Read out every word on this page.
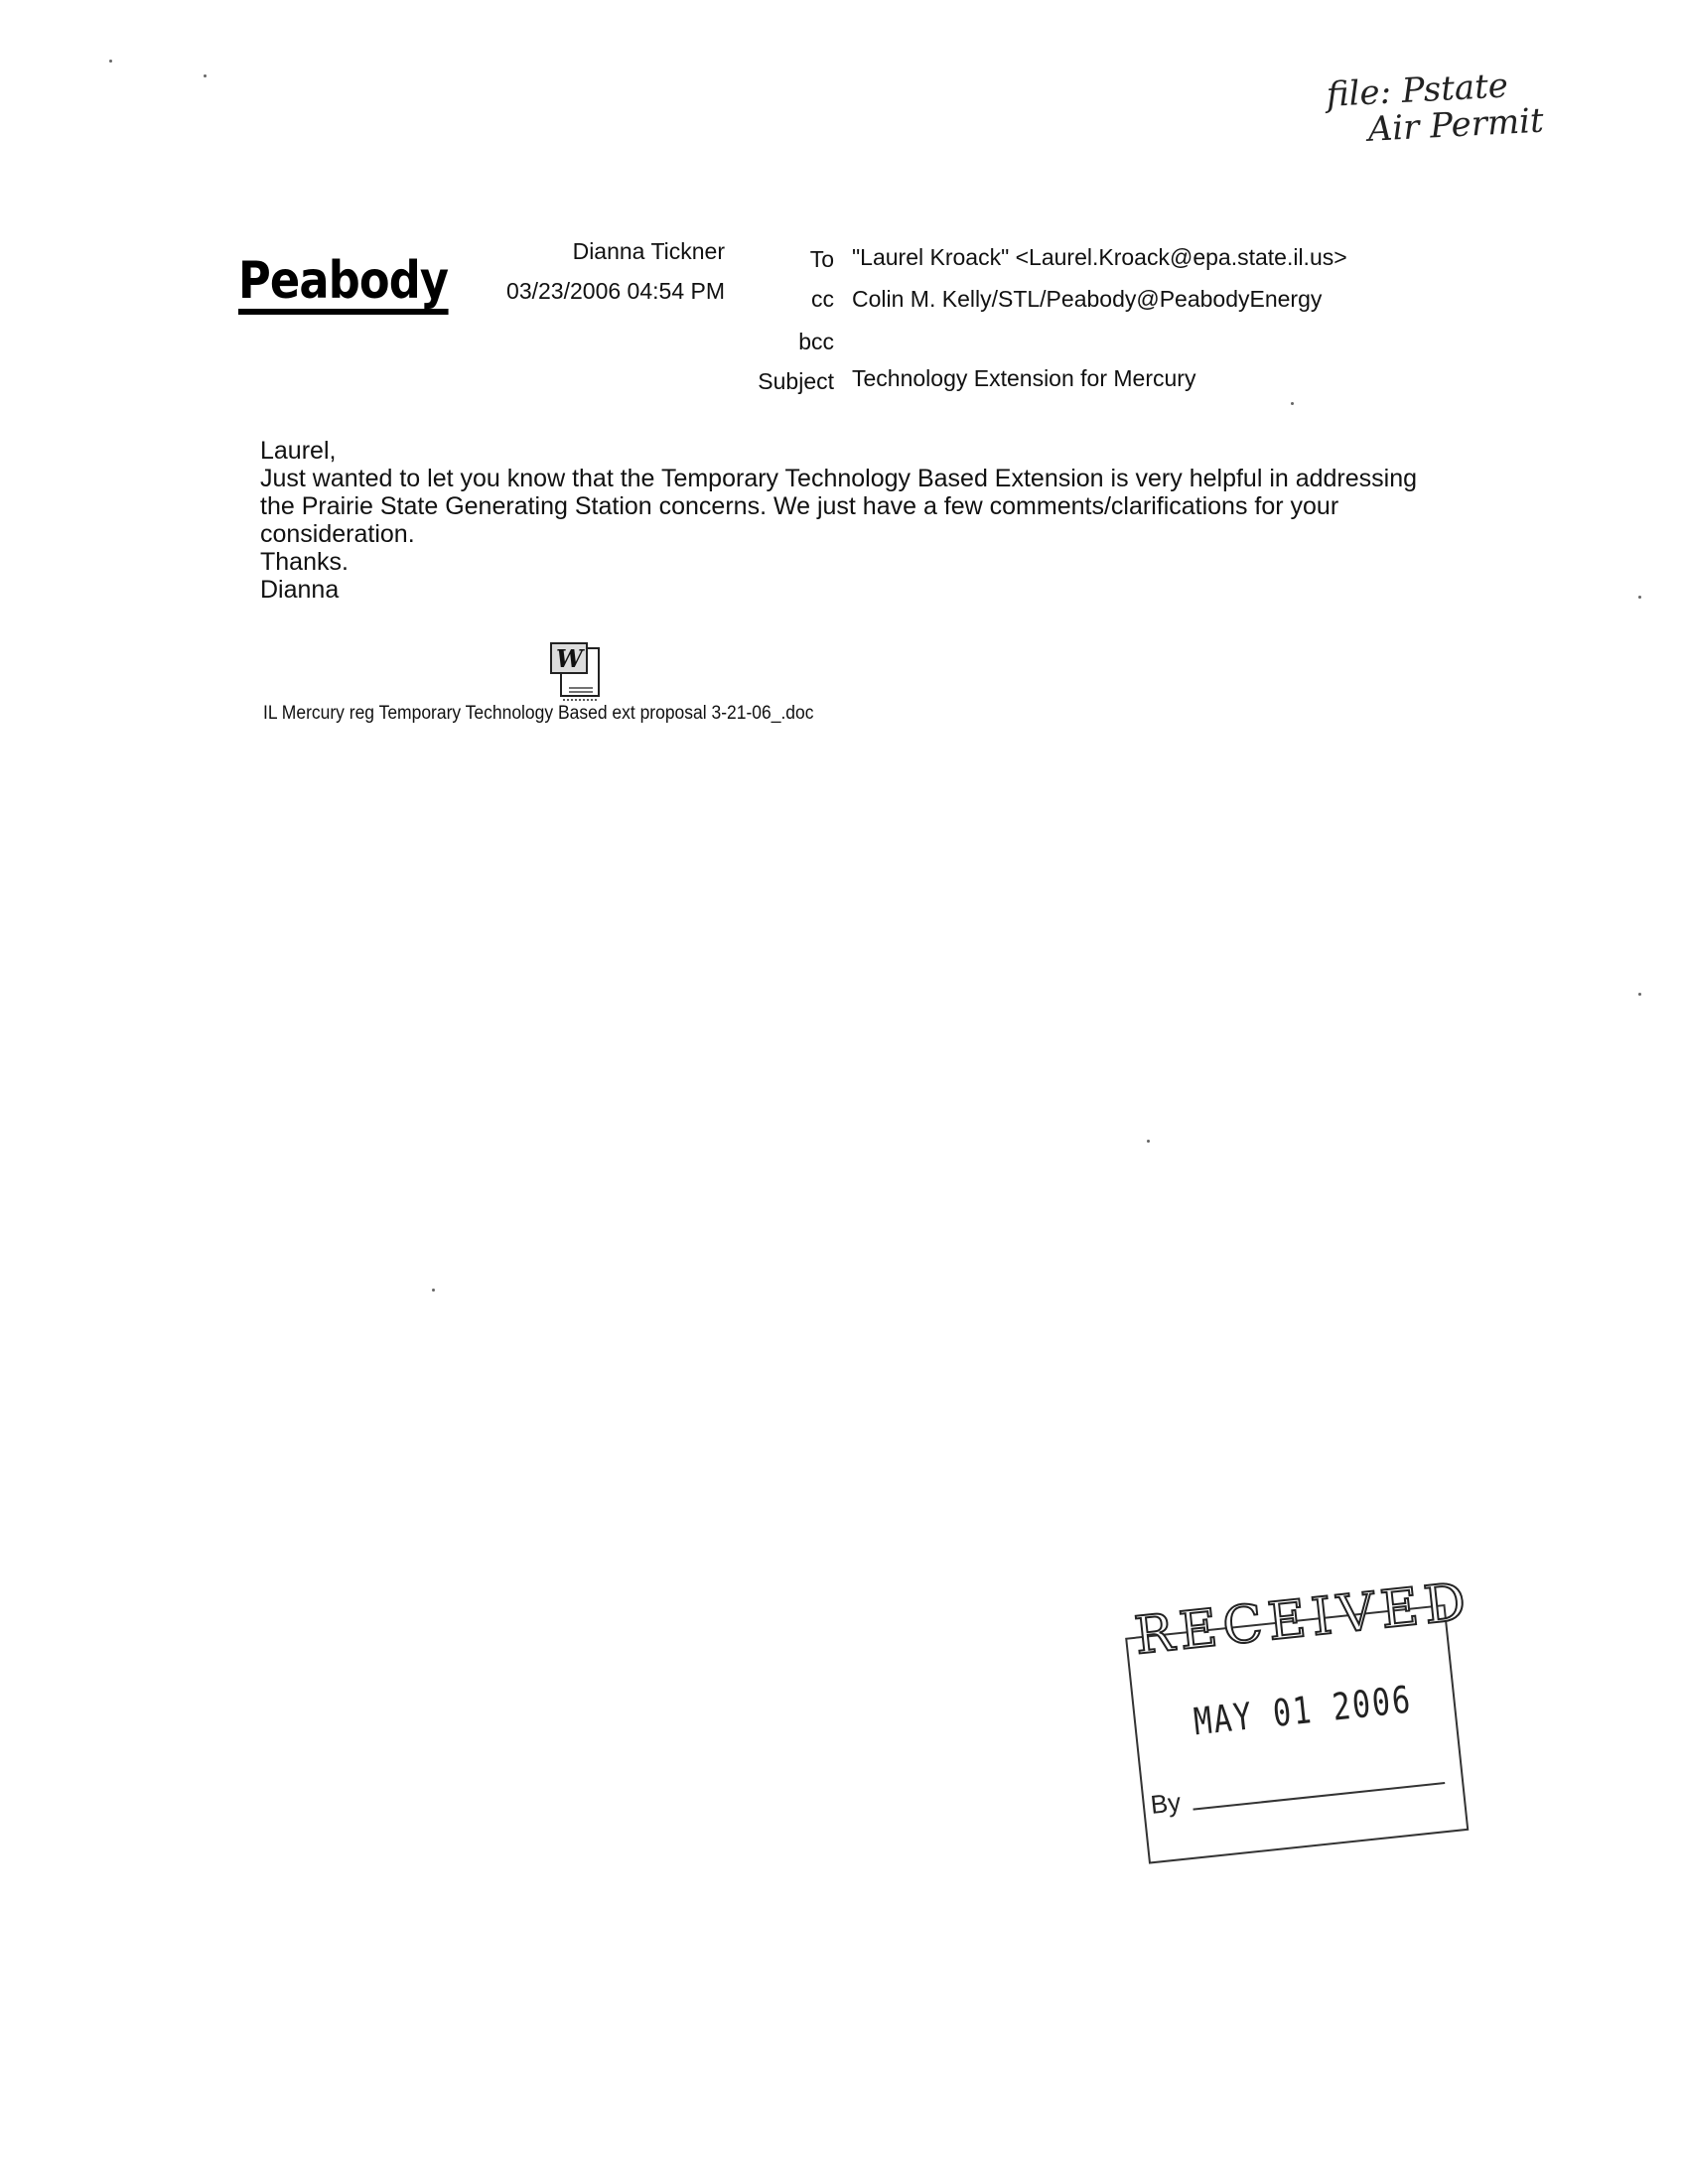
file: Pstate
Air Permit
Peabody	Dianna Tickner
03/23/2006 04:54 PM
To
cc
bcc
Subject
"Laurel Kroack" <Laurel.Kroack@epa.state.il.us>
Colin M. Kelly/STL/Peabody@PeabodyEnergy
Technology Extension for Mercury

Laurel,

Just wanted to let you know that the Temporary Technology Based Extension is very helpful in addressing

the Prairie State Generating Station concerns. We just have a few comments/clarifications for your

consideration.

Thanks.

Dianna

W
IL Mercury reg Temporary Technology Based ext proposal 3-21-06_.doc
RECEIVED
MAY 01 2006
By
